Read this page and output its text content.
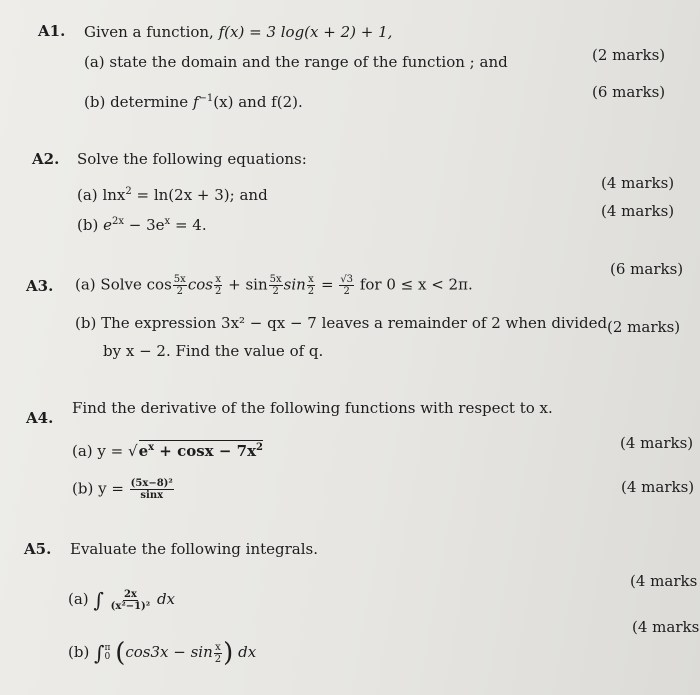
A1. Given a function, f(x) = 3 log(x + 2) + 1,
(a) state the domain and the range of the function ; and	(2 marks)
(b) determine $f^{-1}(x)$ and f(2).
(6 marks)
A2. Solve the following equations:
(a) lnx$^2$ = ln(2x + 3); and
(4 marks)
(b) $e^{2x} - 3e^x = 4$.
(4 marks)
A3. (a) Solve $\cos \frac{5x}{2}$ $\cos \frac{x}{2} + \sin \frac{5x}{2}$ $\sin \frac{x}{2} = \frac{√3}{2}$ for 0 ≤ x < 2π.
(6 marks)
(b) The expression 3x² − qx − 7 leaves a remainder of 2 when divided
by x − 2. Find the value of q.
(2 marks)
A4.
Find the derivative of the following functions with respect to x.
(a) $y = √e^x + \cos x - 7x^2$	(4 marks)
(b) $y = \frac{\text{(5x−8)²}}{\sin x}$	(4 marks)
A5. Evaluate the following integrals.
(a) ∫ $\frac{2x}{\text{(x²−1)²}}$ dx
(4 marks
(b) ∫ π
0 ($\cos 3x - \sin \frac{x}{2}$ ) dx
(4 marks
